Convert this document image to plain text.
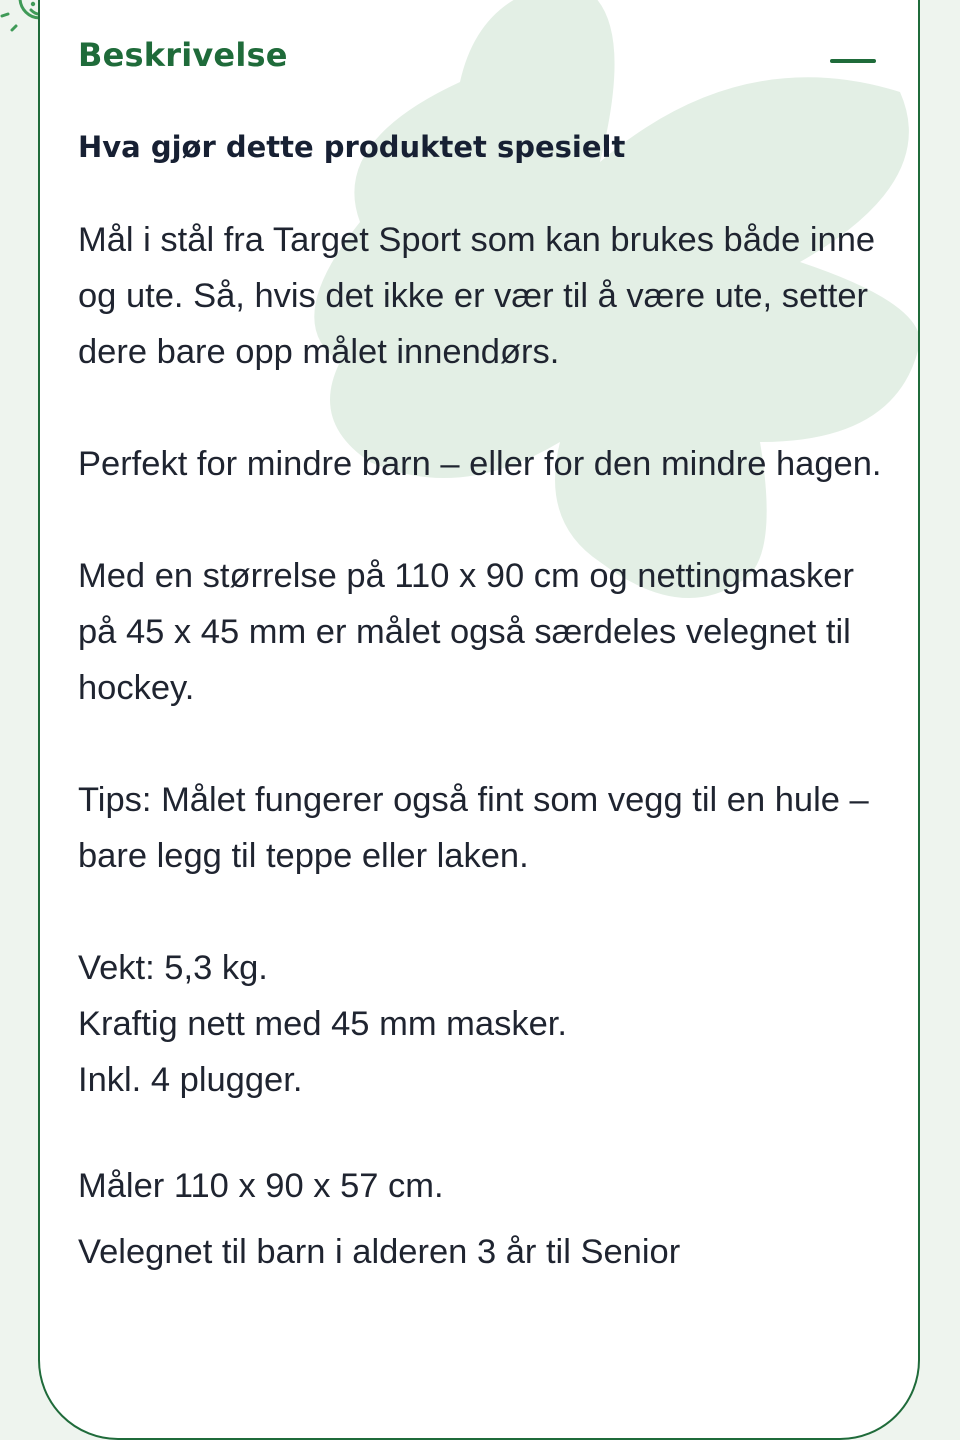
Beskrivelse
Hva gjør dette produktet spesielt

Mål i stål fra Target Sport som kan brukes både inne og ute. Så, hvis det ikke er vær til å være ute, setter dere bare opp målet innendørs.

Perfekt for mindre barn – eller for den mindre hagen.

Med en størrelse på 110 x 90 cm og nettingmasker på 45 x 45 mm er målet også særdeles velegnet til hockey.

Tips: Målet fungerer også fint som vegg til en hule – bare legg til teppe eller laken.

Vekt: 5,3 kg.

Kraftig nett med 45 mm masker.

Inkl. 4 plugger.

Måler 110 x 90 x 57 cm.

Velegnet til barn i alderen 3 år til Senior
